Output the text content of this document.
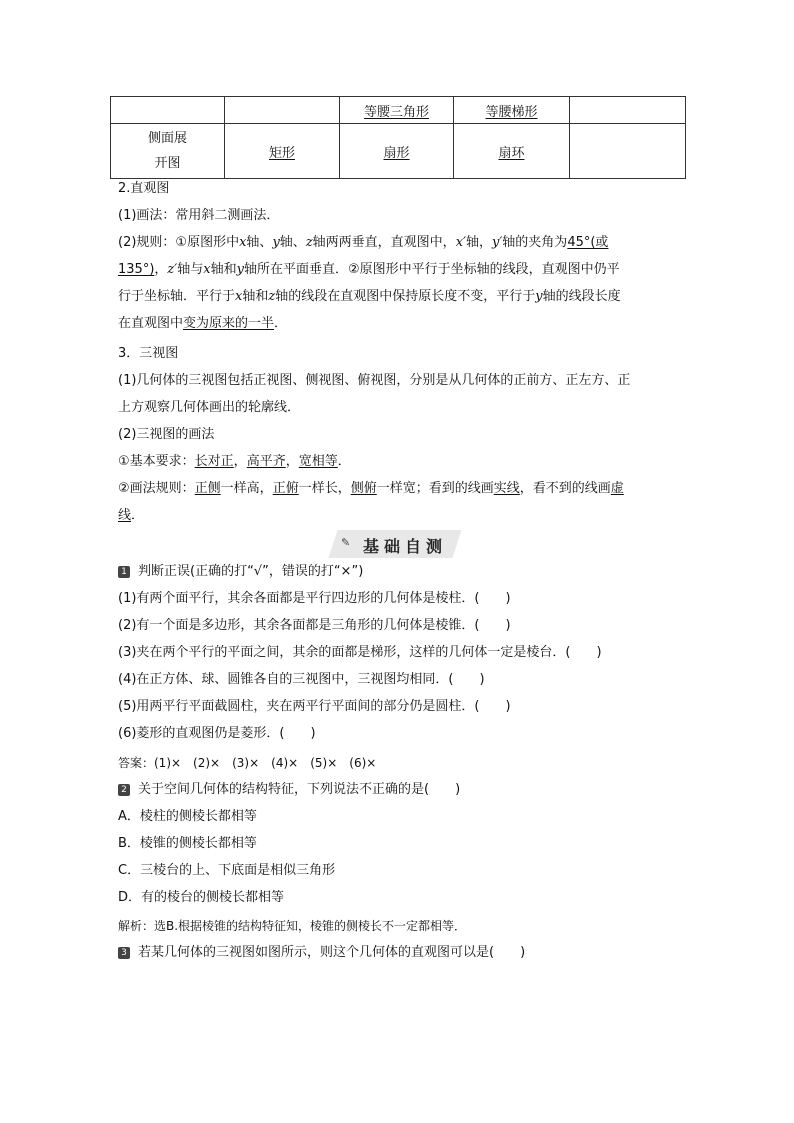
		等腰三角形	等腰梯形	
侧面展
开图	矩形	扇形	扇环	
2.直观图
(1)画法：常用斜二测画法．
(2)规则：①原图形中x轴、y轴、z轴两两垂直，直观图中，x′轴，y′轴的夹角为45°(或
135°)，z′轴与x轴和y轴所在平面垂直．②原图形中平行于坐标轴的线段，直观图中仍平
行于坐标轴．平行于x轴和z轴的线段在直观图中保持原长度不变，平行于y轴的线段长度
在直观图中变为原来的一半．
3．三视图
(1)几何体的三视图包括正视图、侧视图、俯视图，分别是从几何体的正前方、正左方、正
上方观察几何体画出的轮廓线．
(2)三视图的画法
①基本要求：长对正，高平齐，宽相等．
②画法规则：正侧一样高，正俯一样长，侧俯一样宽；看到的线画实线，看不到的线画虚
线．
✎ 基础自测
1 判断正误(正确的打“√”，错误的打“×”)
(1)有两个面平行，其余各面都是平行四边形的几何体是棱柱．(　　)
(2)有一个面是多边形，其余各面都是三角形的几何体是棱锥．(　　)
(3)夹在两个平行的平面之间，其余的面都是梯形，这样的几何体一定是棱台．(　　)
(4)在正方体、球、圆锥各自的三视图中，三视图均相同．(　　)
(5)用两平行平面截圆柱，夹在两平行平面间的部分仍是圆柱．(　　)
(6)菱形的直观图仍是菱形．(　　)
答案：(1)×　(2)×　(3)×　(4)×　(5)×　(6)×
2 关于空间几何体的结构特征，下列说法不正确的是(　　)
A．棱柱的侧棱长都相等
B．棱锥的侧棱长都相等
C．三棱台的上、下底面是相似三角形
D．有的棱台的侧棱长都相等
解析：选B.根据棱锥的结构特征知，棱锥的侧棱长不一定都相等．
3 若某几何体的三视图如图所示，则这个几何体的直观图可以是(　　)
